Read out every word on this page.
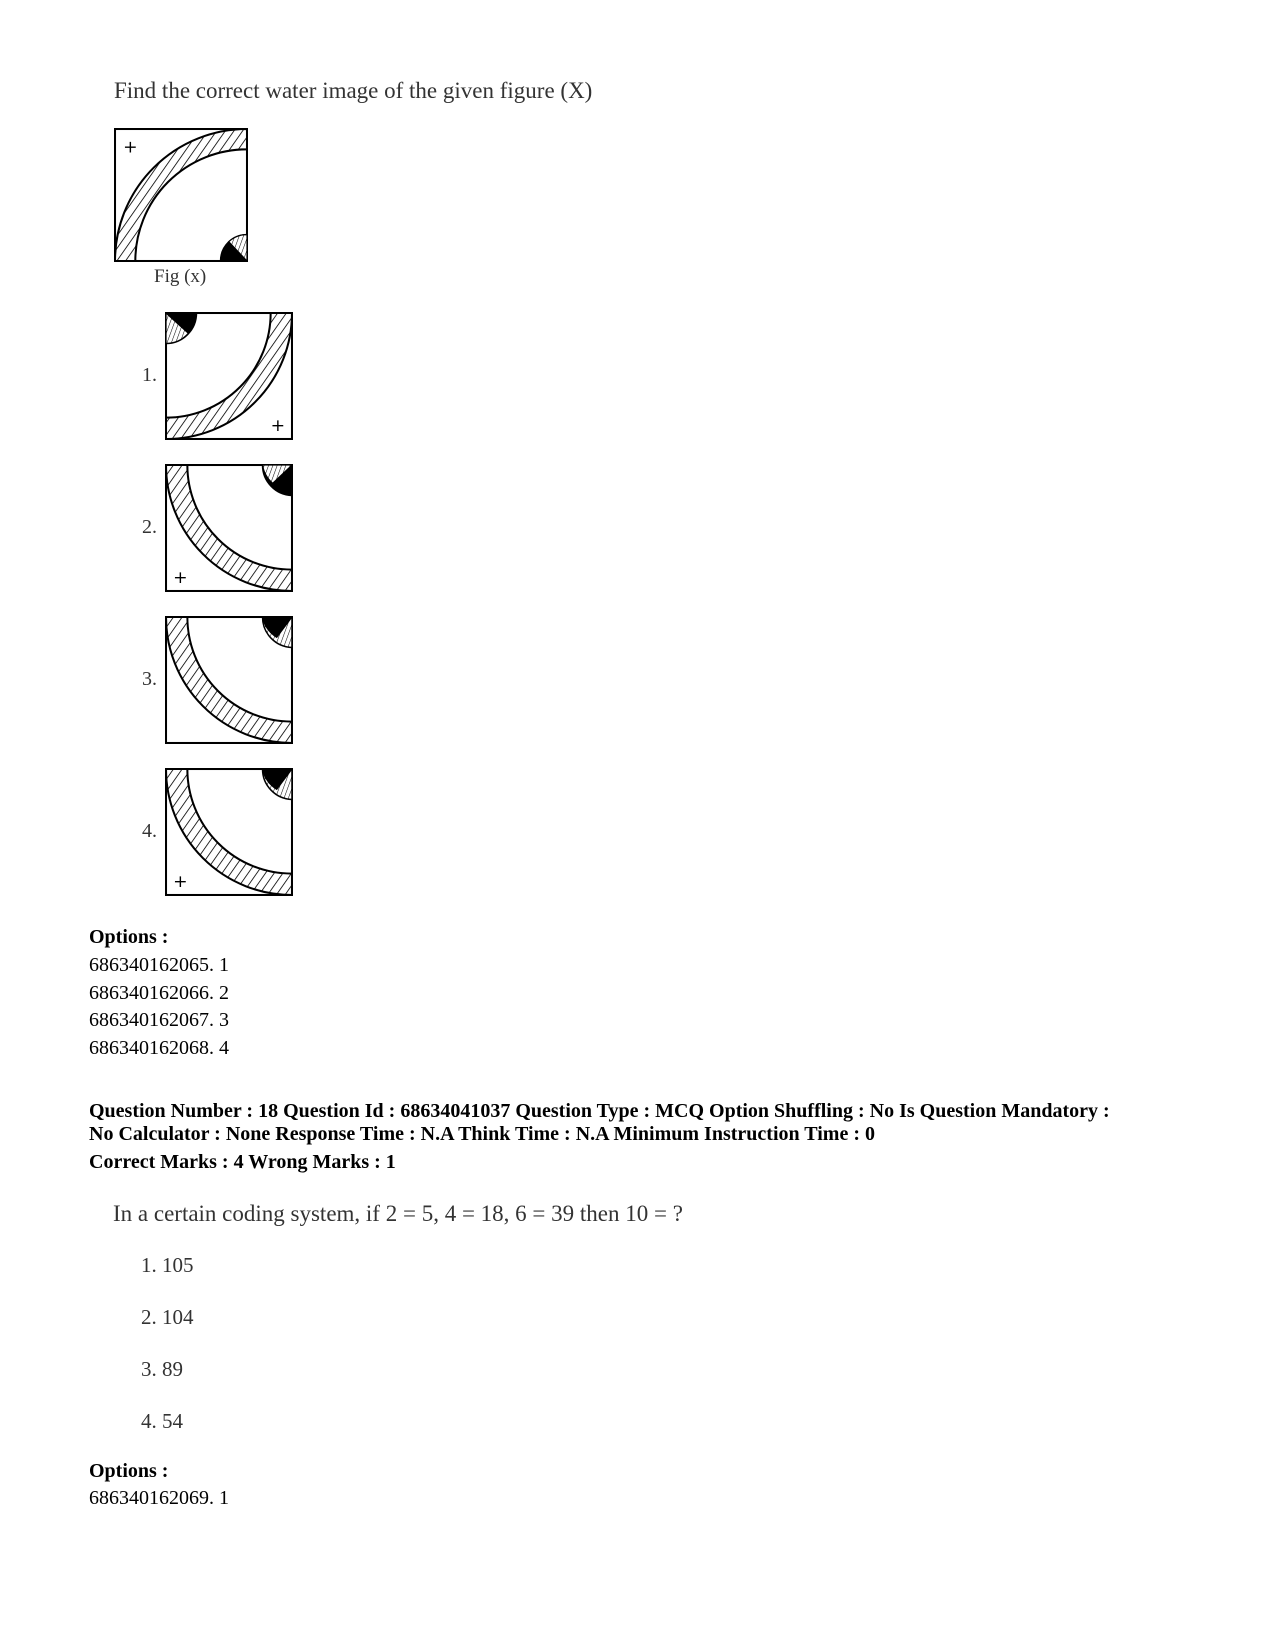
Find the correct water image of the given figure (X)
+
Fig (x)
1.
+
2.
+
3.
4.
+
Options :
686340162065. 1
686340162066. 2
686340162067. 3
686340162068. 4
Question Number : 18 Question Id : 68634041037 Question Type : MCQ Option Shuffling : No Is Question Mandatory :
No Calculator : None Response Time : N.A Think Time : N.A Minimum Instruction Time : 0
Correct Marks : 4 Wrong Marks : 1
In a certain coding system, if 2 = 5, 4 = 18, 6 = 39 then 10 = ?
1. 105
2. 104
3. 89
4. 54
Options :
686340162069. 1
